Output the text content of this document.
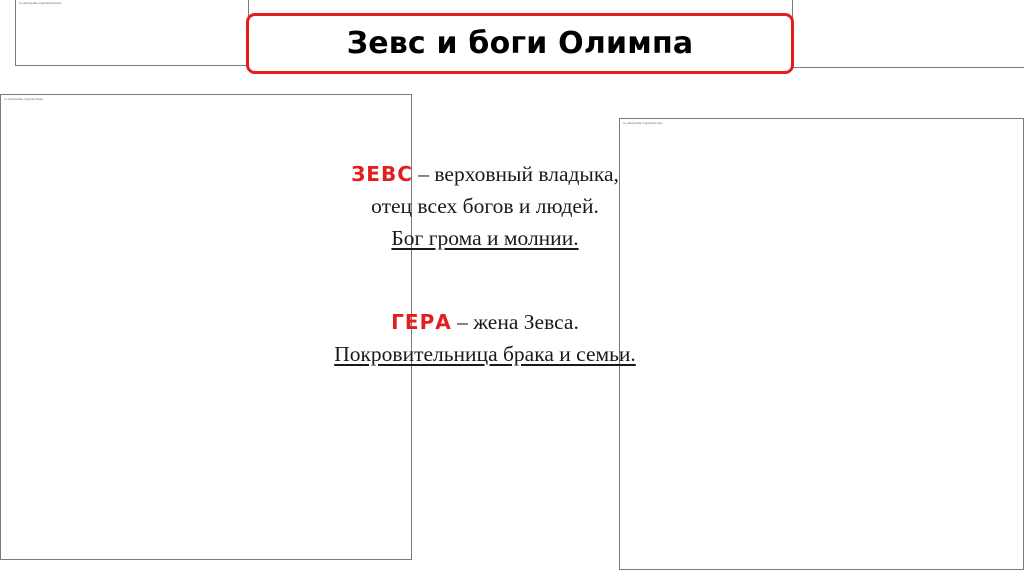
ru.wikipedia.org/wiki/Олимп
ru.wikipedia.org/wiki/Зевс
ru.wikipedia.org/wiki/Гера
Зевс и боги Олимпа

ЗЕВС – верховный владыка,
отец всех богов и людей.
Бог грома и молнии.

ГЕРА – жена Зевса.
Покровительница брака и семьи.
